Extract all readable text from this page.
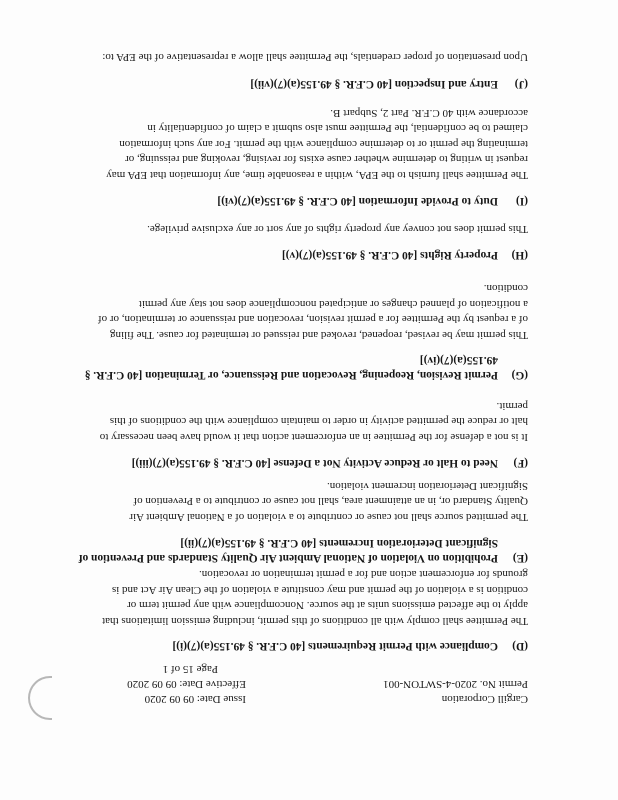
Cargill Corporation
Issue Date: 09 09 2020
Permit No. 2020-4-SWTON-001
Effective Date: 09 09 2020
Page 15 of 1
(D)
Compliance with Permit Requirements [40 C.F.R. § 49.155(a)(7)(i)]
The Permittee shall comply with all conditions of this permit, including emission limitations that
apply to the affected emissions units at the source. Noncompliance with any permit term or
condition is a violation of the permit and may constitute a violation of the Clean Air Act and is
grounds for enforcement action and for a permit termination or revocation.
(E)
Prohibition on Violation of National Ambient Air Quality Standards and Prevention of Significant Deterioration Increments [40 C.F.R. § 49.155(a)(7)(ii)]
The permitted source shall not cause or contribute to a violation of a National Ambient Air
Quality Standard or, in an attainment area, shall not cause or contribute to a Prevention of
Significant Deterioration increment violation.
(F)
Need to Halt or Reduce Activity Not a Defense [40 C.F.R. § 49.155(a)(7)(iii)]
It is not a defense for the Permittee in an enforcement action that it would have been necessary to
halt or reduce the permitted activity in order to maintain compliance with the conditions of this
permit.
(G)
Permit Revision, Reopening, Revocation and Reissuance, or Termination [40 C.F.R. § 49.155(a)(7)(iv)]
This permit may be revised, reopened, revoked and reissued or terminated for cause. The filing
of a request by the Permittee for a permit revision, revocation and reissuance or termination, or of
a notification of planned changes or anticipated noncompliance does not stay any permit
condition.
(H)
Property Rights [40 C.F.R. § 49.155(a)(7)(v)]
This permit does not convey any property rights of any sort or any exclusive privilege.
(I)
Duty to Provide Information [40 C.F.R. § 49.155(a)(7)(vi)]
The Permittee shall furnish to the EPA, within a reasonable time, any information that EPA may
request in writing to determine whether cause exists for revising, revoking and reissuing, or
terminating the permit or to determine compliance with the permit. For any such information
claimed to be confidential, the Permittee must also submit a claim of confidentiality in
accordance with 40 C.F.R. Part 2, Subpart B.
(J)
Entry and Inspection [40 C.F.R. § 49.155(a)(7)(vii)]
Upon presentation of proper credentials, the Permittee shall allow a representative of the EPA to:
